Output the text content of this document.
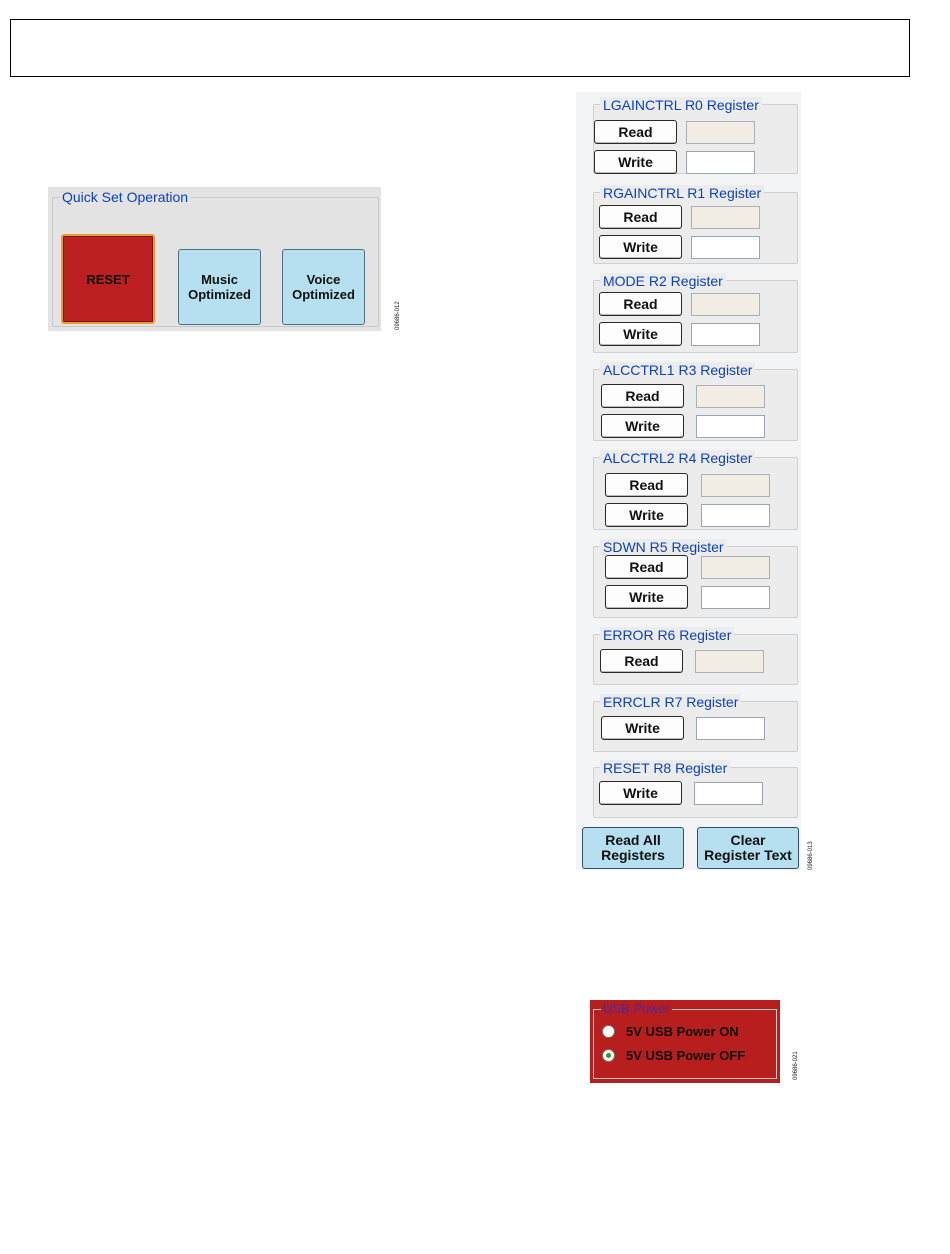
Quick Set Operation
RESET	Music
Optimized
Voice
Optimized
09686-012
LGAINCTRL R0 Register
Read
Write
RGAINCTRL R1 Register
Read
Write
MODE R2 Register
Read
Write
ALCCTRL1 R3 Register
Read
Write
ALCCTRL2 R4 Register
Read
Write
SDWN R5 Register
Read
Write
ERROR R6 Register
Read
ERRCLR R7 Register
Write
RESET R8 Register
Write
Read All
Registers
Clear
Register Text	09686-013
USB Power
5V USB Power ON
5V USB Power OFF	09686-021
